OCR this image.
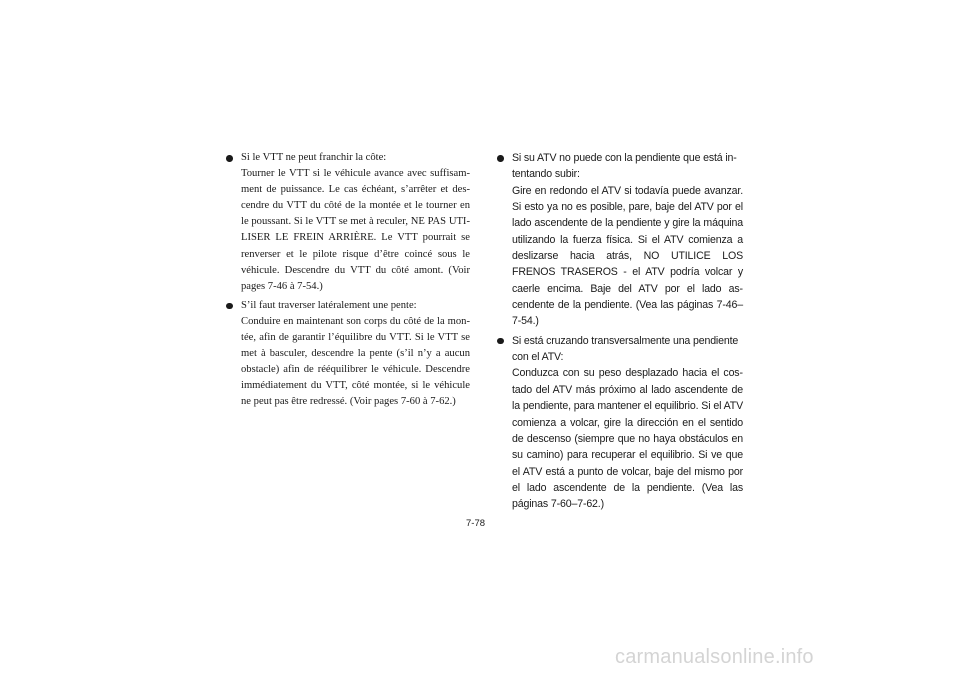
Si le VTT ne peut franchir la côte:
Tourner le VTT si le véhicule avance avec suffisamment de puissance. Le cas échéant, s’arrêter et descendre du VTT du côté de la montée et le tourner en le poussant. Si le VTT se met à reculer, NE PAS UTILISER LE FREIN ARRIÈRE. Le VTT pourrait se renverser et le pilote risque d’être coincé sous le véhicule. Descendre du VTT du côté amont. (Voir pages 7-46 à 7-54.)
S’il faut traverser latéralement une pente:
Conduire en maintenant son corps du côté de la montée, afin de garantir l’équilibre du VTT. Si le VTT se met à basculer, descendre la pente (s’il n’y a aucun obstacle) afin de rééquilibrer le véhicule. Descendre immédiatement du VTT, côté montée, si le véhicule ne peut pas être redressé. (Voir pages 7-60 à 7-62.)
Si su ATV no puede con la pendiente que está intentando subir:
Gire en redondo el ATV si todavía puede avanzar. Si esto ya no es posible, pare, baje del ATV por el lado ascendente de la pendiente y gire la máquina utilizando la fuerza física. Si el ATV comienza a deslizarse hacia atrás, NO UTILICE LOS FRENOS TRASEROS - el ATV podría volcar y caerle encima. Baje del ATV por el lado ascendente de la pendiente. (Vea las páginas 7-46–7-54.)
Si está cruzando transversalmente una pendiente con el ATV:
Conduzca con su peso desplazado hacia el costado del ATV más próximo al lado ascendente de la pendiente, para mantener el equilibrio. Si el ATV comienza a volcar, gire la dirección en el sentido de descenso (siempre que no haya obstáculos en su camino) para recuperar el equilibrio. Si ve que el ATV está a punto de volcar, baje del mismo por el lado ascendente de la pendiente. (Vea las páginas 7-60–7-62.)
7-78
carmanualsonline.info
